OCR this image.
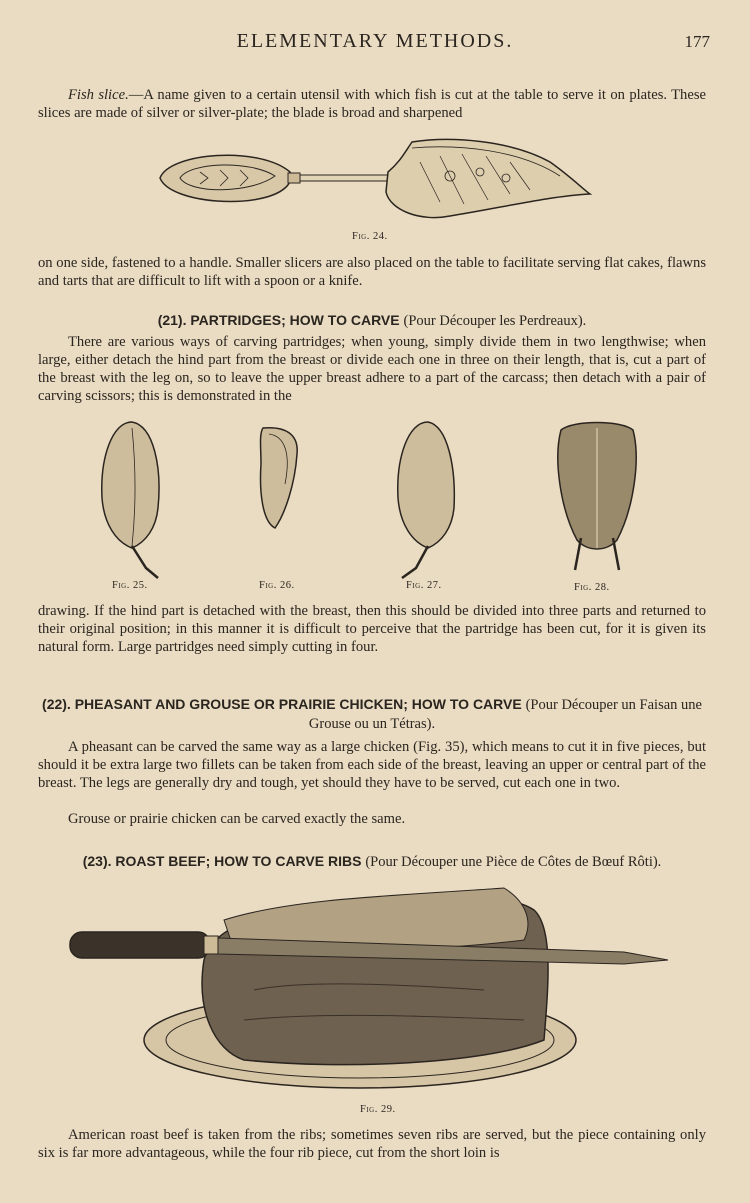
ELEMENTARY METHODS.	177
Fish slice.—A name given to a certain utensil with which fish is cut at the table to serve it on plates. These slices are made of silver or silver-plate; the blade is broad and sharpened
Fig. 24.
on one side, fastened to a handle. Smaller slicers are also placed on the table to facilitate serving flat cakes, flawns and tarts that are difficult to lift with a spoon or a knife.
(21). PARTRIDGES; HOW TO CARVE (Pour Découper les Perdreaux).
There are various ways of carving partridges; when young, simply divide them in two lengthwise; when large, either detach the hind part from the breast or divide each one in three on their length, that is, cut a part of the breast with the leg on, so to leave the upper breast adhere to a part of the carcass; then detach with a pair of carving scissors; this is demonstrated in the
Fig. 25.	Fig. 26.	Fig. 27.	Fig. 28.
drawing. If the hind part is detached with the breast, then this should be divided into three parts and returned to their original position; in this manner it is difficult to perceive that the partridge has been cut, for it is given its natural form. Large partridges need simply cutting in four.
(22). PHEASANT AND GROUSE OR PRAIRIE CHICKEN; HOW TO CARVE (Pour Découper un Faisan une Grouse ou un Tétras).
A pheasant can be carved the same way as a large chicken (Fig. 35), which means to cut it in five pieces, but should it be extra large two fillets can be taken from each side of the breast, leaving an upper or central part of the breast. The legs are generally dry and tough, yet should they have to be served, cut each one in two.
Grouse or prairie chicken can be carved exactly the same.
(23). ROAST BEEF; HOW TO CARVE RIBS (Pour Découper une Pièce de Côtes de Bœuf Rôti).
Fig. 29.
American roast beef is taken from the ribs; sometimes seven ribs are served, but the piece containing only six is far more advantageous, while the four rib piece, cut from the short loin is
